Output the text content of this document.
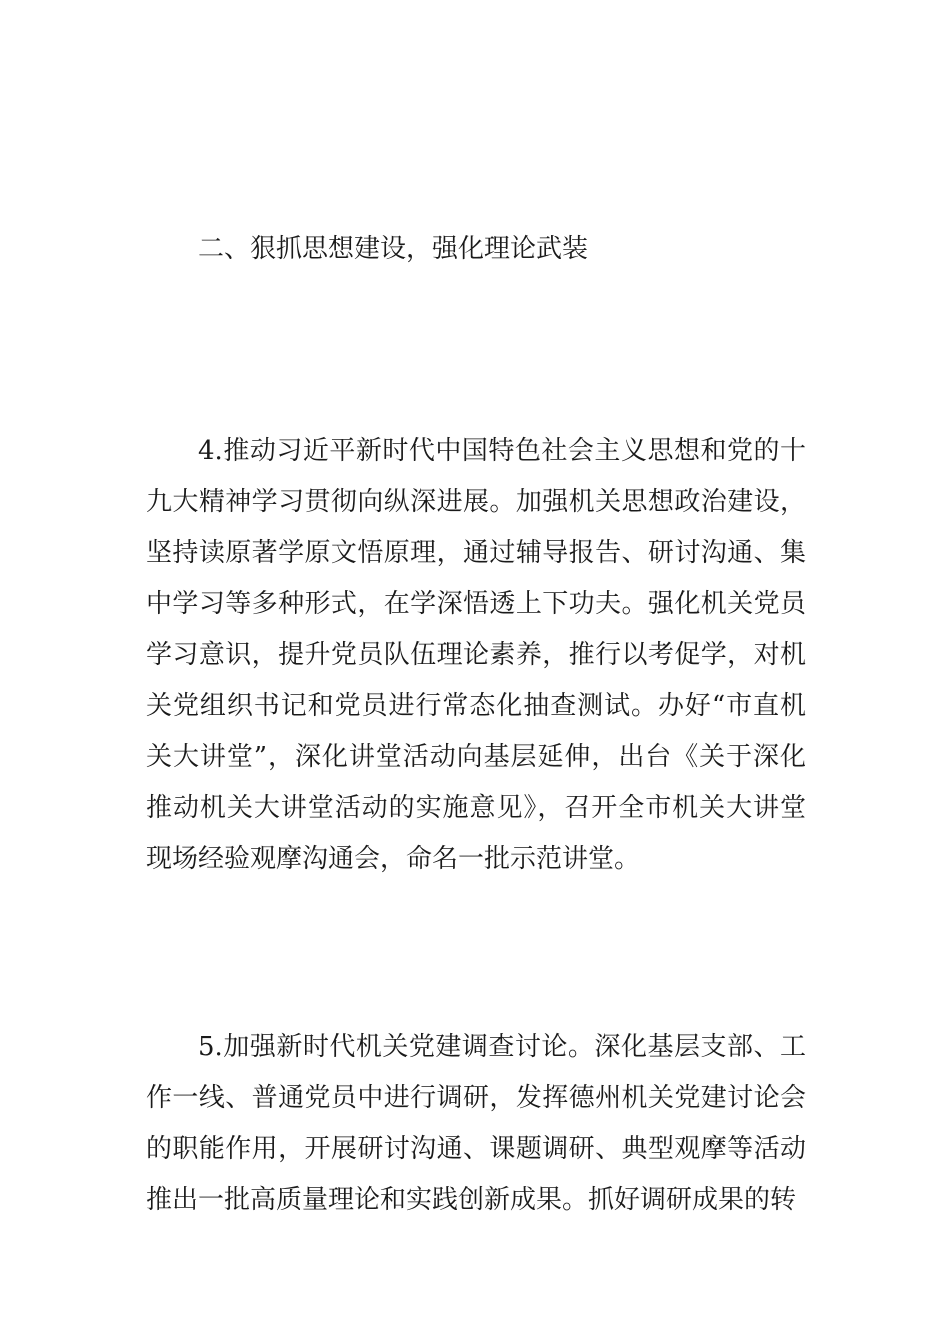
二、狠抓思想建设，强化理论武装

4.推动习近平新时代中国特色社会主义思想和党的十九大精神学习贯彻向纵深进展。加强机关思想政治建设，坚持读原著学原文悟原理，通过辅导报告、研讨沟通、集中学习等多种形式，在学深悟透上下功夫。强化机关党员学习意识，提升党员队伍理论素养，推行以考促学，对机关党组织书记和党员进行常态化抽查测试。办好“市直机关大讲堂”，深化讲堂活动向基层延伸，出台《关于深化推动机关大讲堂活动的实施意见》，召开全市机关大讲堂现场经验观摩沟通会，命名一批示范讲堂。

5.加强新时代机关党建调查讨论。深化基层支部、工作一线、普通党员中进行调研，发挥德州机关党建讨论会的职能作用，开展研讨沟通、课题调研、典型观摩等活动推出一批高质量理论和实践创新成果。抓好调研成果的转
